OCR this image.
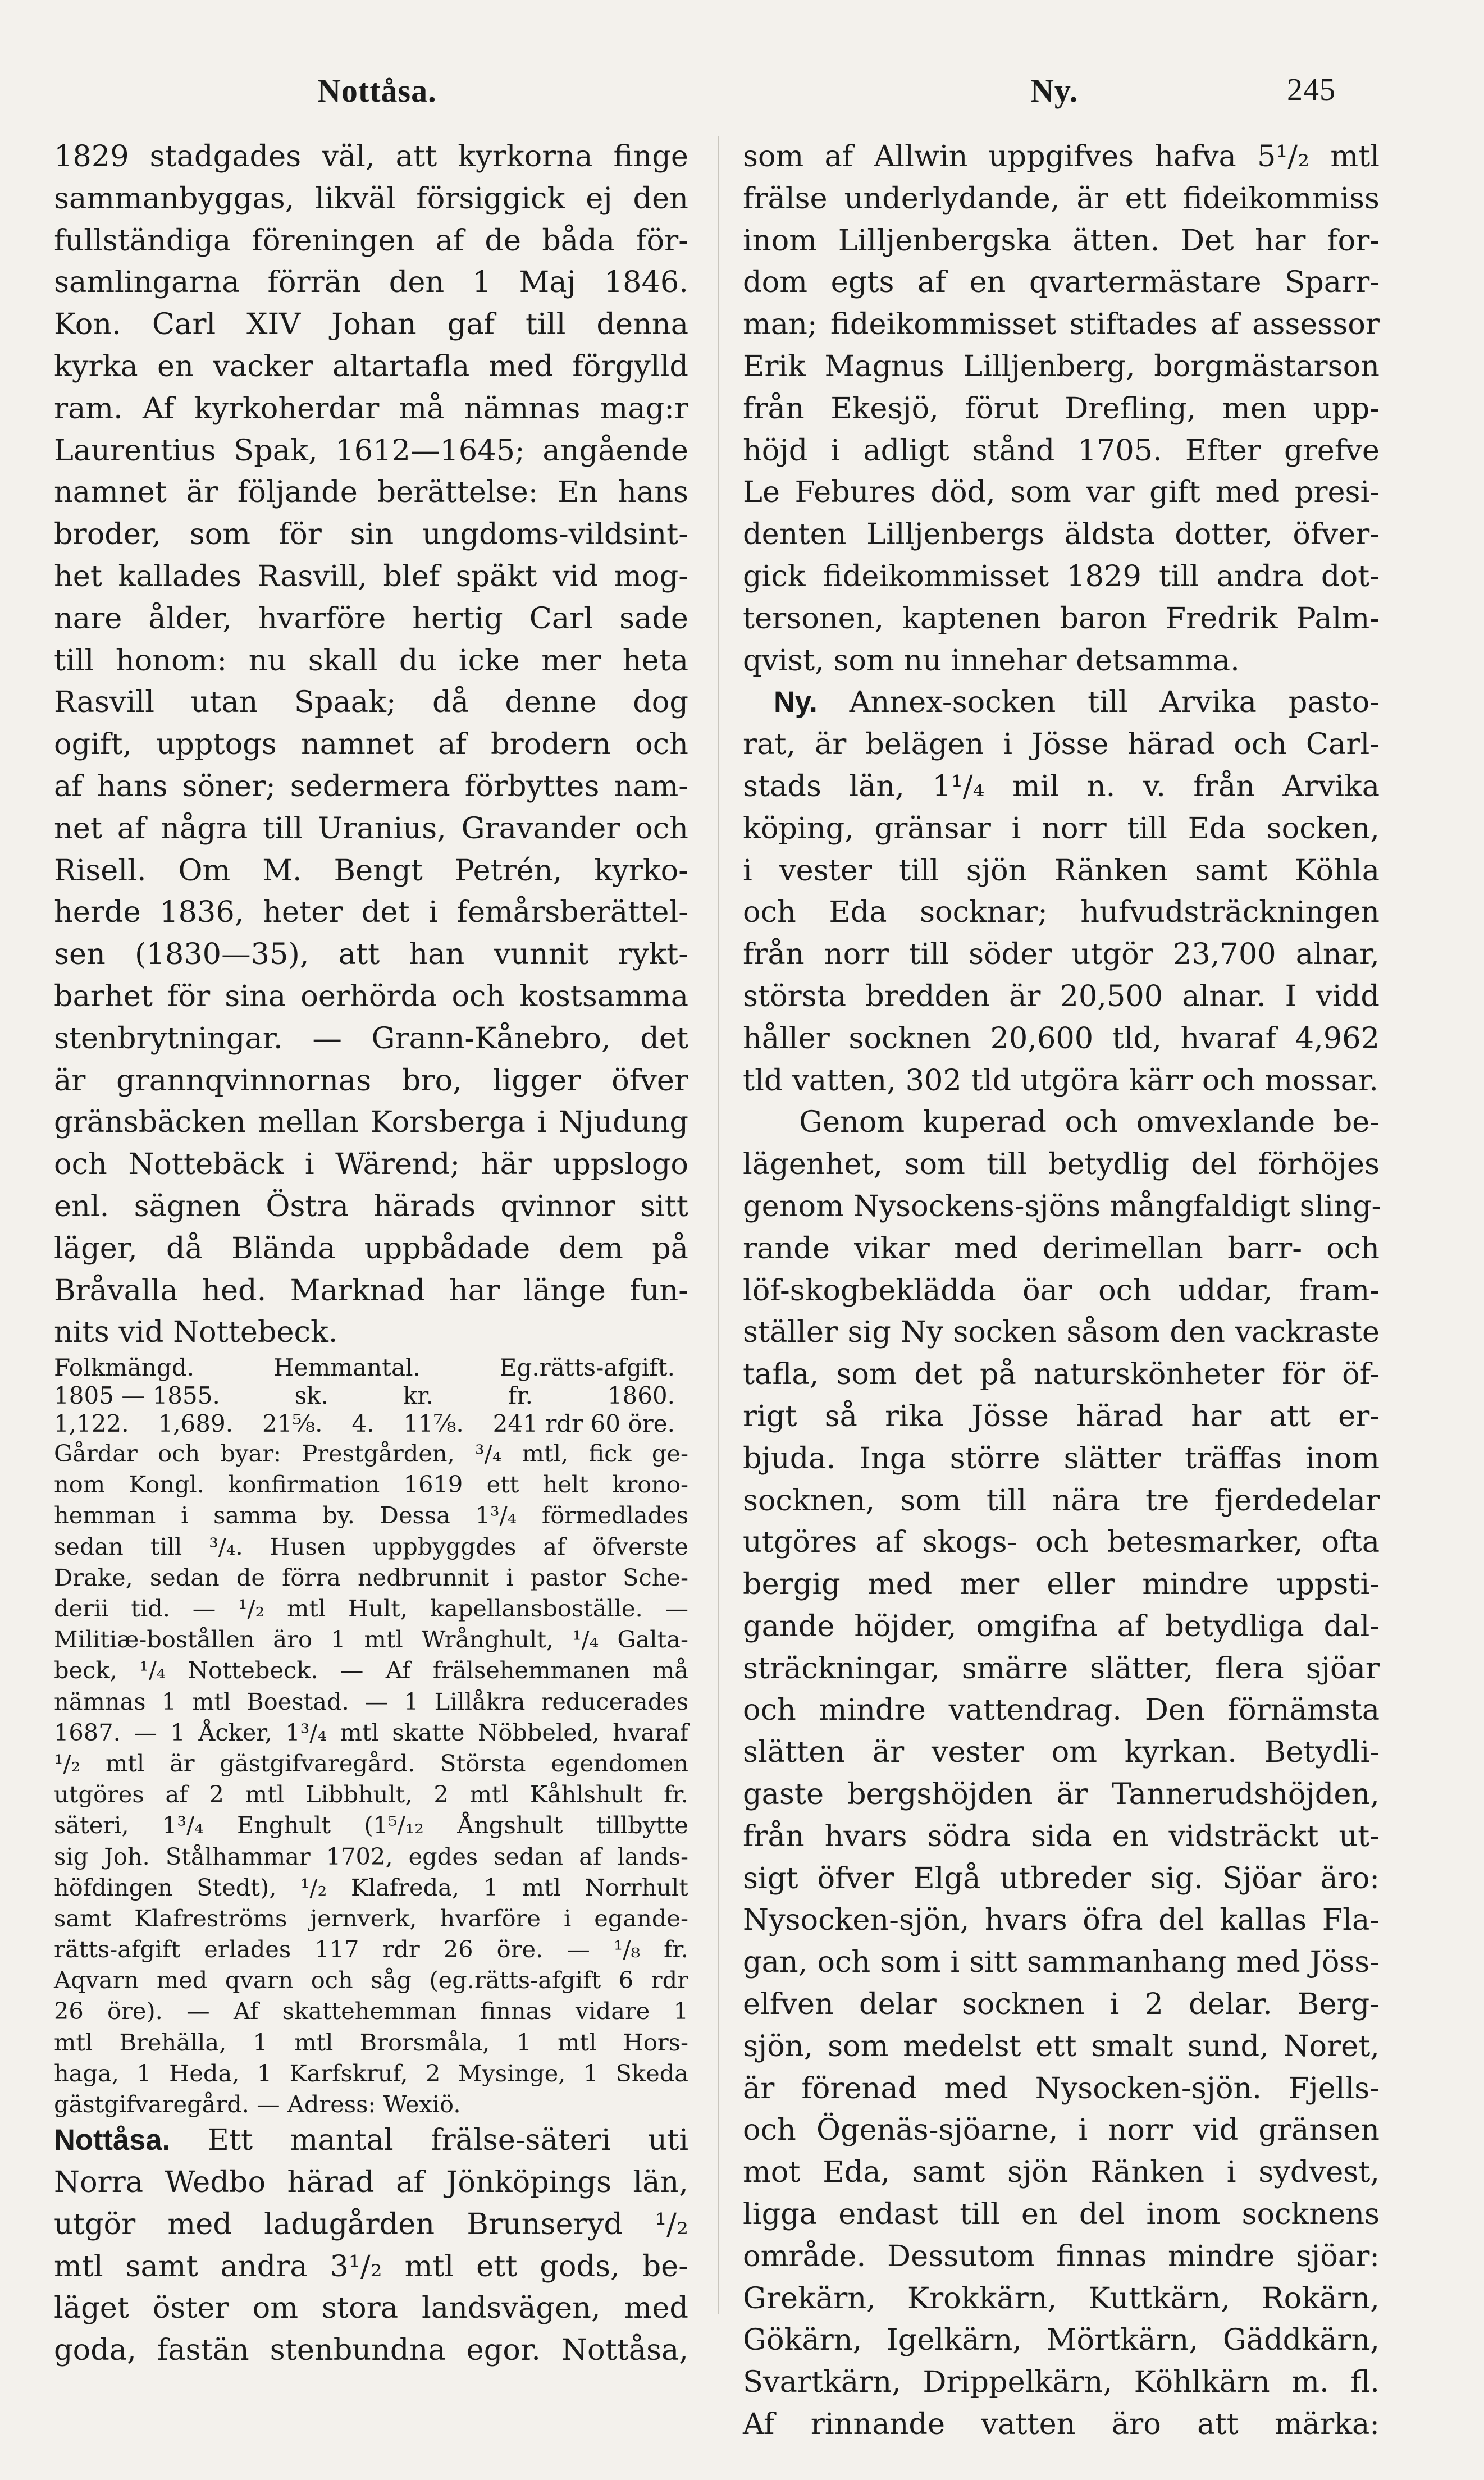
Nottåsa.	Ny.	245
1829 stadgades väl, att kyrkorna finge
sammanbyggas, likväl försiggick ej den
fullständiga föreningen af de båda för-
samlingarna förrän den 1 Maj 1846.
Kon. Carl XIV Johan gaf till denna
kyrka en vacker altartafla med förgylld
ram. Af kyrkoherdar må nämnas mag:r
Laurentius Spak, 1612—1645; angående
namnet är följande berättelse: En hans
broder, som för sin ungdoms-vildsint-
het kallades Rasvill, blef späkt vid mog-
nare ålder, hvarföre hertig Carl sade
till honom: nu skall du icke mer heta
Rasvill utan Spaak; då denne dog
ogift, upptogs namnet af brodern och
af hans söner; sedermera förbyttes nam-
net af några till Uranius, Gravander och
Risell. Om M. Bengt Petrén, kyrko-
herde 1836, heter det i femårsberättel-
sen (1830—35), att han vunnit rykt-
barhet för sina oerhörda och kostsamma
stenbrytningar. — Grann-Kånebro, det
är grannqvinnornas bro, ligger öfver
gränsbäcken mellan Korsberga i Njudung
och Nottebäck i Wärend; här uppslogo
enl. sägnen Östra härads qvinnor sitt
läger, då Blända uppbådade dem på
Bråvalla hed. Marknad har länge fun-
nits vid Nottebeck.
Folkmängd.	Hemmantal.	Eg.rätts-afgift.
1805 — 1855.	sk.	kr.	fr.	1860.
1,122. 1,689. 21⅝. 4. 11⅞. 241 rdr 60 öre.
Gårdar och byar: Prestgården, ³/₄ mtl, fick ge-
nom Kongl. konfirmation 1619 ett helt krono-
hemman i samma by. Dessa 1³/₄ förmedlades
sedan till ³/₄. Husen uppbyggdes af öfverste
Drake, sedan de förra nedbrunnit i pastor Sche-
derii tid. — ¹/₂ mtl Hult, kapellansboställe. —
Militiæ-bostållen äro 1 mtl Wrånghult, ¹/₄ Galta-
beck, ¹/₄ Nottebeck. — Af frälsehemmanen må
nämnas 1 mtl Boestad. — 1 Lillåkra reducerades
1687. — 1 Åcker, 1³/₄ mtl skatte Nöbbeled, hvaraf
¹/₂ mtl är gästgifvaregård. Största egendomen
utgöres af 2 mtl Libbhult, 2 mtl Kåhlshult fr.
säteri, 1³/₄ Enghult (1⁵/₁₂ Ångshult tillbytte
sig Joh. Stålhammar 1702, egdes sedan af lands-
höfdingen Stedt), ¹/₂ Klafreda, 1 mtl Norrhult
samt Klafreströms jernverk, hvarföre i egande-
rätts-afgift erlades 117 rdr 26 öre. — ¹/₈ fr.
Aqvarn med qvarn och såg (eg.rätts-afgift 6 rdr
26 öre). — Af skattehemman finnas vidare 1
mtl Brehälla, 1 mtl Brorsmåla, 1 mtl Hors-
haga, 1 Heda, 1 Karfskruf, 2 Mysinge, 1 Skeda
gästgifvaregård. — Adress: Wexiö.
Nottåsa. Ett mantal frälse-säteri uti
Norra Wedbo härad af Jönköpings län,
utgör med ladugården Brunseryd ¹/₂
mtl samt andra 3¹/₂ mtl ett gods, be-
läget öster om stora landsvägen, med
goda, fastän stenbundna egor. Nottåsa,
som af Allwin uppgifves hafva 5¹/₂ mtl
frälse underlydande, är ett fideikommiss
inom Lilljenbergska ätten. Det har for-
dom egts af en qvartermästare Sparr-
man; fideikommisset stiftades af assessor
Erik Magnus Lilljenberg, borgmästarson
från Ekesjö, förut Drefling, men upp-
höjd i adligt stånd 1705. Efter grefve
Le Febures död, som var gift med presi-
denten Lilljenbergs äldsta dotter, öfver-
gick fideikommisset 1829 till andra dot-
tersonen, kaptenen baron Fredrik Palm-
qvist, som nu innehar detsamma.
Ny. Annex-socken till Arvika pasto-
rat, är belägen i Jösse härad och Carl-
stads län, 1¹/₄ mil n. v. från Arvika
köping, gränsar i norr till Eda socken,
i vester till sjön Ränken samt Köhla
och Eda socknar; hufvudsträckningen
från norr till söder utgör 23,700 alnar,
största bredden är 20,500 alnar. I vidd
håller socknen 20,600 tld, hvaraf 4,962
tld vatten, 302 tld utgöra kärr och mossar.
Genom kuperad och omvexlande be-
lägenhet, som till betydlig del förhöjes
genom Nysockens-sjöns mångfaldigt sling-
rande vikar med derimellan barr- och
löf-skogbeklädda öar och uddar, fram-
ställer sig Ny socken såsom den vackraste
tafla, som det på naturskönheter för öf-
rigt så rika Jösse härad har att er-
bjuda. Inga större slätter träffas inom
socknen, som till nära tre fjerdedelar
utgöres af skogs- och betesmarker, ofta
bergig med mer eller mindre uppsti-
gande höjder, omgifna af betydliga dal-
sträckningar, smärre slätter, flera sjöar
och mindre vattendrag. Den förnämsta
slätten är vester om kyrkan. Betydli-
gaste bergshöjden är Tannerudshöjden,
från hvars södra sida en vidsträckt ut-
sigt öfver Elgå utbreder sig. Sjöar äro:
Nysocken-sjön, hvars öfra del kallas Fla-
gan, och som i sitt sammanhang med Jöss-
elfven delar socknen i 2 delar. Berg-
sjön, som medelst ett smalt sund, Noret,
är förenad med Nysocken-sjön. Fjells-
och Ögenäs-sjöarne, i norr vid gränsen
mot Eda, samt sjön Ränken i sydvest,
ligga endast till en del inom socknens
område. Dessutom finnas mindre sjöar:
Grekärn, Krokkärn, Kuttkärn, Rokärn,
Gökärn, Igelkärn, Mörtkärn, Gäddkärn,
Svartkärn, Drippelkärn, Köhlkärn m. fl.
Af rinnande vatten äro att märka:
